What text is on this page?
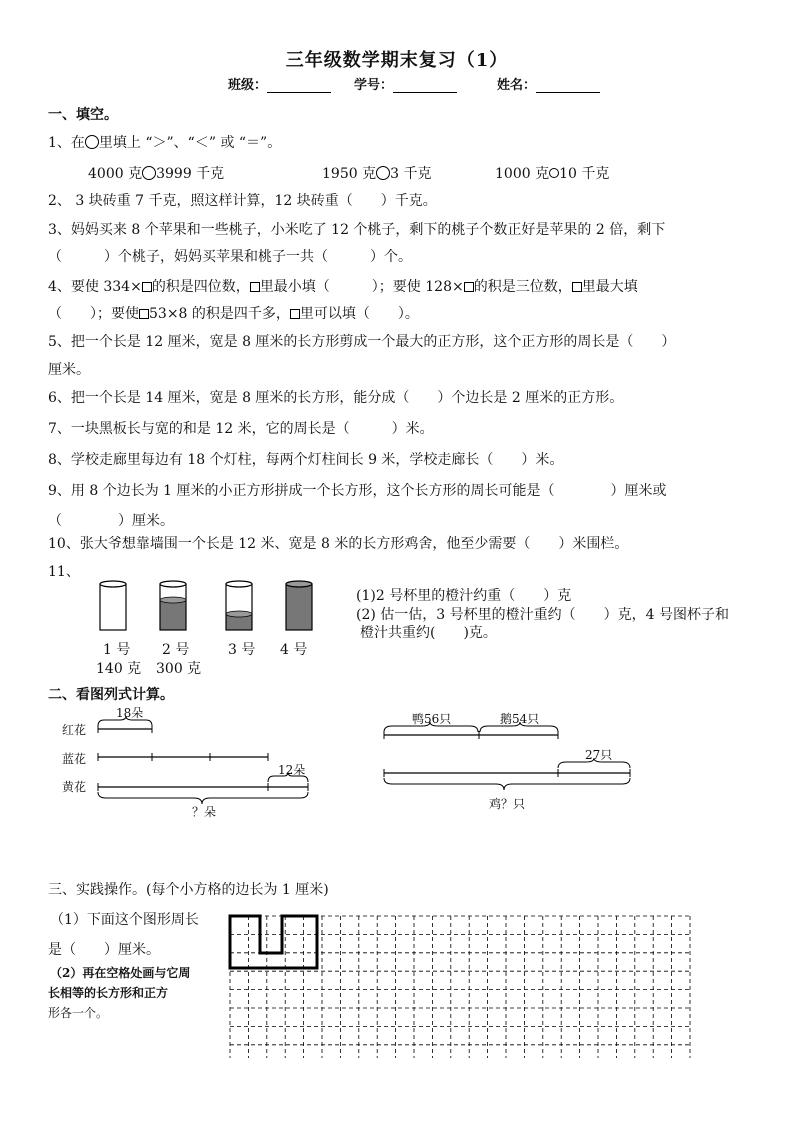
三年级数学期末复习（1）
班级：	学号：	姓名：
一、填空。
1、在 里填上 “＞”、“＜” 或 “＝”。
4000 克 3999 千克	1950 克 3 千克	1000 克 10 千克
2、 3 块砖重 7 千克，照这样计算，12 块砖重（　　）千克。
3、妈妈买来 8 个苹果和一些桃子，小米吃了 12 个桃子，剩下的桃子个数正好是苹果的 2 倍，剩下
（　　　）个桃子，妈妈买苹果和桃子一共（　　　）个。
4、要使 334× 的积是四位数， 里最小填（　　　）；要使 128× 的积是三位数， 里最大填
（　　）；要使 53×8 的积是四千多， 里可以填（　　）。
5、把一个长是 12 厘米，宽是 8 厘米的长方形剪成一个最大的正方形，这个正方形的周长是（　　）
厘米。
6、把一个长是 14 厘米，宽是 8 厘米的长方形，能分成（　　）个边长是 2 厘米的正方形。
7、一块黑板长与宽的和是 12 米，它的周长是（　　　）米。
8、学校走廊里每边有 18 个灯柱，每两个灯柱间长 9 米，学校走廊长（　　）米。
9、用 8 个边长为 1 厘米的小正方形拼成一个长方形，这个长方形的周长可能是（　　　　）厘米或
（　　　　）厘米。
10、张大爷想靠墙围一个长是 12 米、宽是 8 米的长方形鸡舍，他至少需要（　　）米围栏。
11、
1 号
140 克
2 号
300 克
3 号 4 号
(1)2 号杯里的橙汁约重（　　）克
(2) 估一估，3 号杯里的橙汁重约（　　）克，4 号图杯子和
橙汁共重约(　　)克。
二、看图列式计算。
红花
蓝花
黄花
18朵
12朵
？朵
鸭56只	鹅54只
27只
鸡？只
三、实践操作。(每个小方格的边长为 1 厘米)
（1）下面这个图形周长
是（　　）厘米。
（2）再在空格处画与它周
长相等的长方形和正方
形各一个。
